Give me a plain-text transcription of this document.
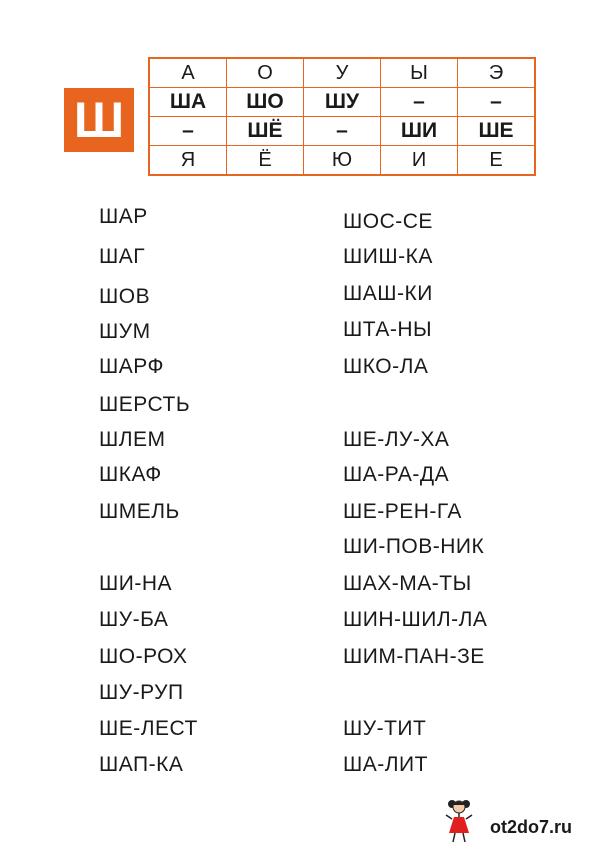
Ш
А	О	У	Ы	Э
ША	ШО	ШУ	–	–
–	ШЁ	–	ШИ	ШЕ
Я	Ё	Ю	И	Е
ШАР
ШАГ
ШОВ
ШУМ
ШАРФ
ШЕРСТЬ
ШЛЕМ
ШКАФ
ШМЕЛЬ
ШИ-НА
ШУ-БА
ШО-РОХ
ШУ-РУП
ШЕ-ЛЕСТ
ШАП-КА
ШОС-СЕ
ШИШ-КА
ШАШ-КИ
ШТА-НЫ
ШКО-ЛА
ШЕ-ЛУ-ХА
ША-РА-ДА
ШЕ-РЕН-ГА
ШИ-ПОВ-НИК
ШАХ-МА-ТЫ
ШИН-ШИЛ-ЛА
ШИМ-ПАН-ЗЕ
ШУ-ТИТ
ША-ЛИТ
ot2do7.ru
